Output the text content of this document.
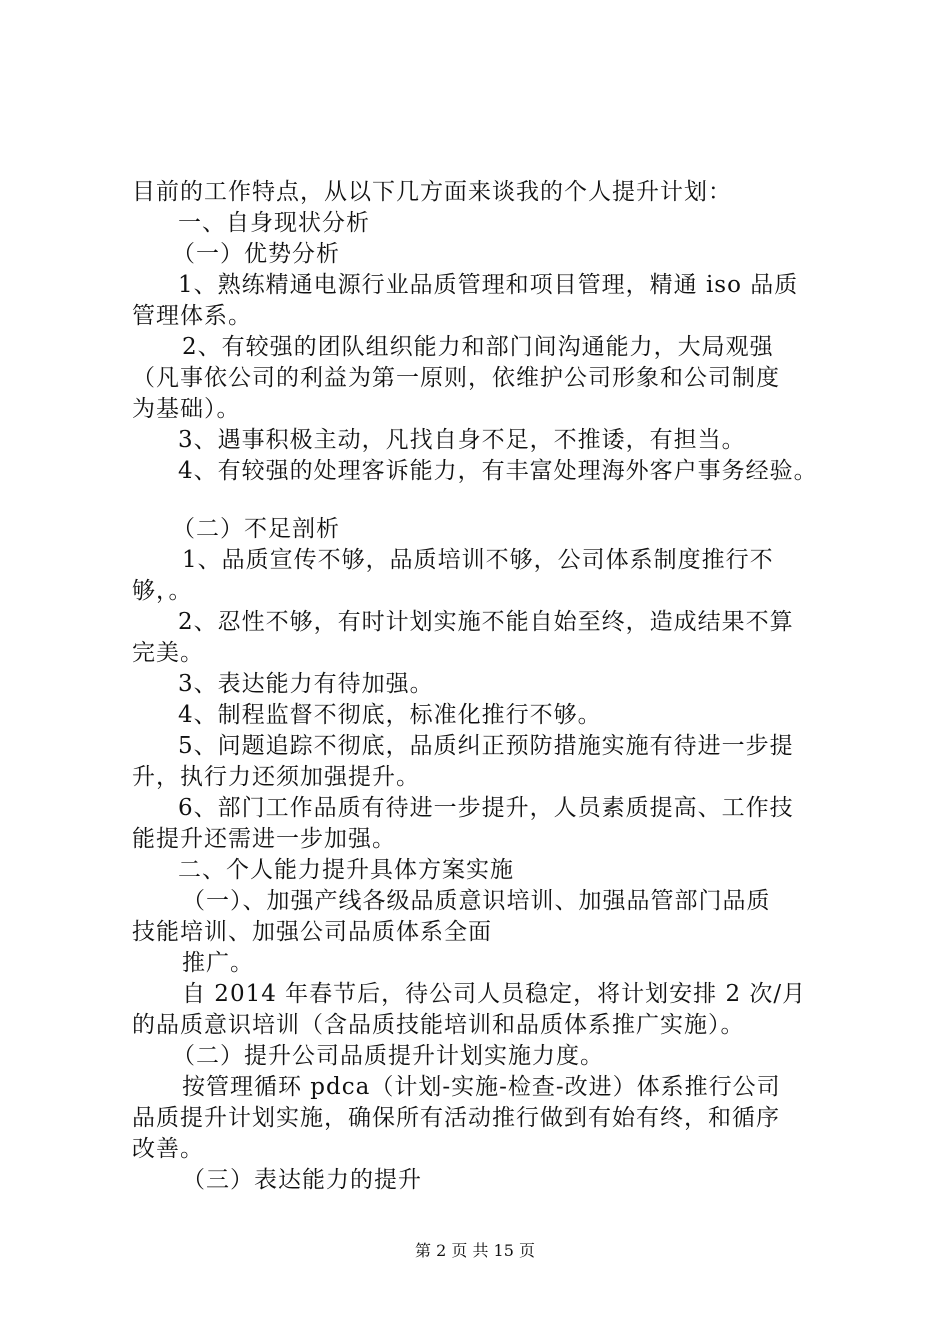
目前的工作特点，从以下几方面来谈我的个人提升计划：
一、自身现状分析
（一）优势分析
1、熟练精通电源行业品质管理和项目管理，精通 iso 品质
管理体系。
2、有较强的团队组织能力和部门间沟通能力，大局观强
（凡事依公司的利益为第一原则，依维护公司形象和公司制度
为基础）。
3、遇事积极主动，凡找自身不足，不推诿，有担当。
4、有较强的处理客诉能力，有丰富处理海外客户事务经验。
（二）不足剖析
1、品质宣传不够，品质培训不够，公司体系制度推行不
够，。
2、忍性不够，有时计划实施不能自始至终，造成结果不算
完美。
3、表达能力有待加强。
4、制程监督不彻底，标准化推行不够。
5、问题追踪不彻底，品质纠正预防措施实施有待进一步提
升，执行力还须加强提升。
6、部门工作品质有待进一步提升，人员素质提高、工作技
能提升还需进一步加强。
二、个人能力提升具体方案实施
（一）、加强产线各级品质意识培训、加强品管部门品质
技能培训、加强公司品质体系全面
推广。
自 2014 年春节后，待公司人员稳定，将计划安排 2 次/月
的品质意识培训（含品质技能培训和品质体系推广实施）。
（二）提升公司品质提升计划实施力度。
按管理循环 pdca（计划-实施-检查-改进）体系推行公司
品质提升计划实施，确保所有活动推行做到有始有终，和循序
改善。
（三）表达能力的提升
第 2 页 共 15 页
